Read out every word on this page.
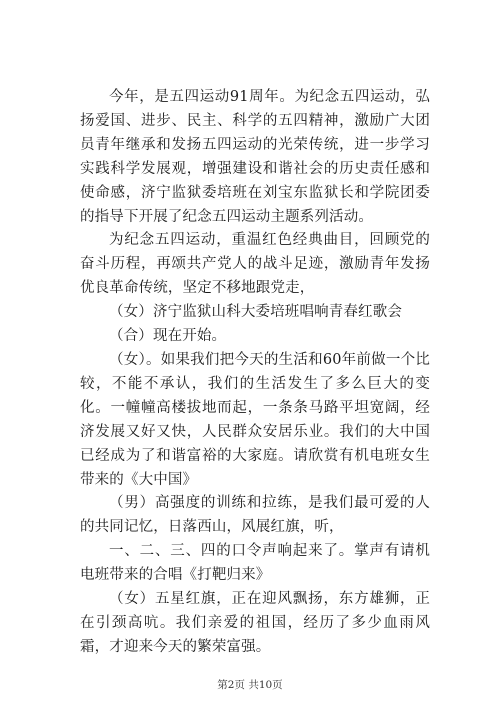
今年，是五四运动91周年。为纪念五四运动，弘扬爱国、进步、民主、科学的五四精神，激励广大团员青年继承和发扬五四运动的光荣传统，进一步学习实践科学发展观，增强建设和谐社会的历史责任感和使命感，济宁监狱委培班在刘宝东监狱长和学院团委的指导下开展了纪念五四运动主题系列活动。

为纪念五四运动，重温红色经典曲目，回顾党的奋斗历程，再颂共产党人的战斗足迹，激励青年发扬优良革命传统，坚定不移地跟党走，

（女）济宁监狱山科大委培班唱响青春红歌会

（合）现在开始。

（女）。如果我们把今天的生活和60年前做一个比较，不能不承认，我们的生活发生了多么巨大的变化。一幢幢高楼拔地而起，一条条马路平坦宽阔，经济发展又好又快，人民群众安居乐业。我们的大中国已经成为了和谐富裕的大家庭。请欣赏有机电班女生带来的《大中国》

（男）高强度的训练和拉练，是我们最可爱的人的共同记忆，日落西山，风展红旗，听，

一、二、三、四的口令声响起来了。掌声有请机电班带来的合唱《打靶归来》

（女）五星红旗，正在迎风飘扬，东方雄狮，正在引颈高吭。我们亲爱的祖国，经历了多少血雨风霜，才迎来今天的繁荣富强。

第2页 共10页
